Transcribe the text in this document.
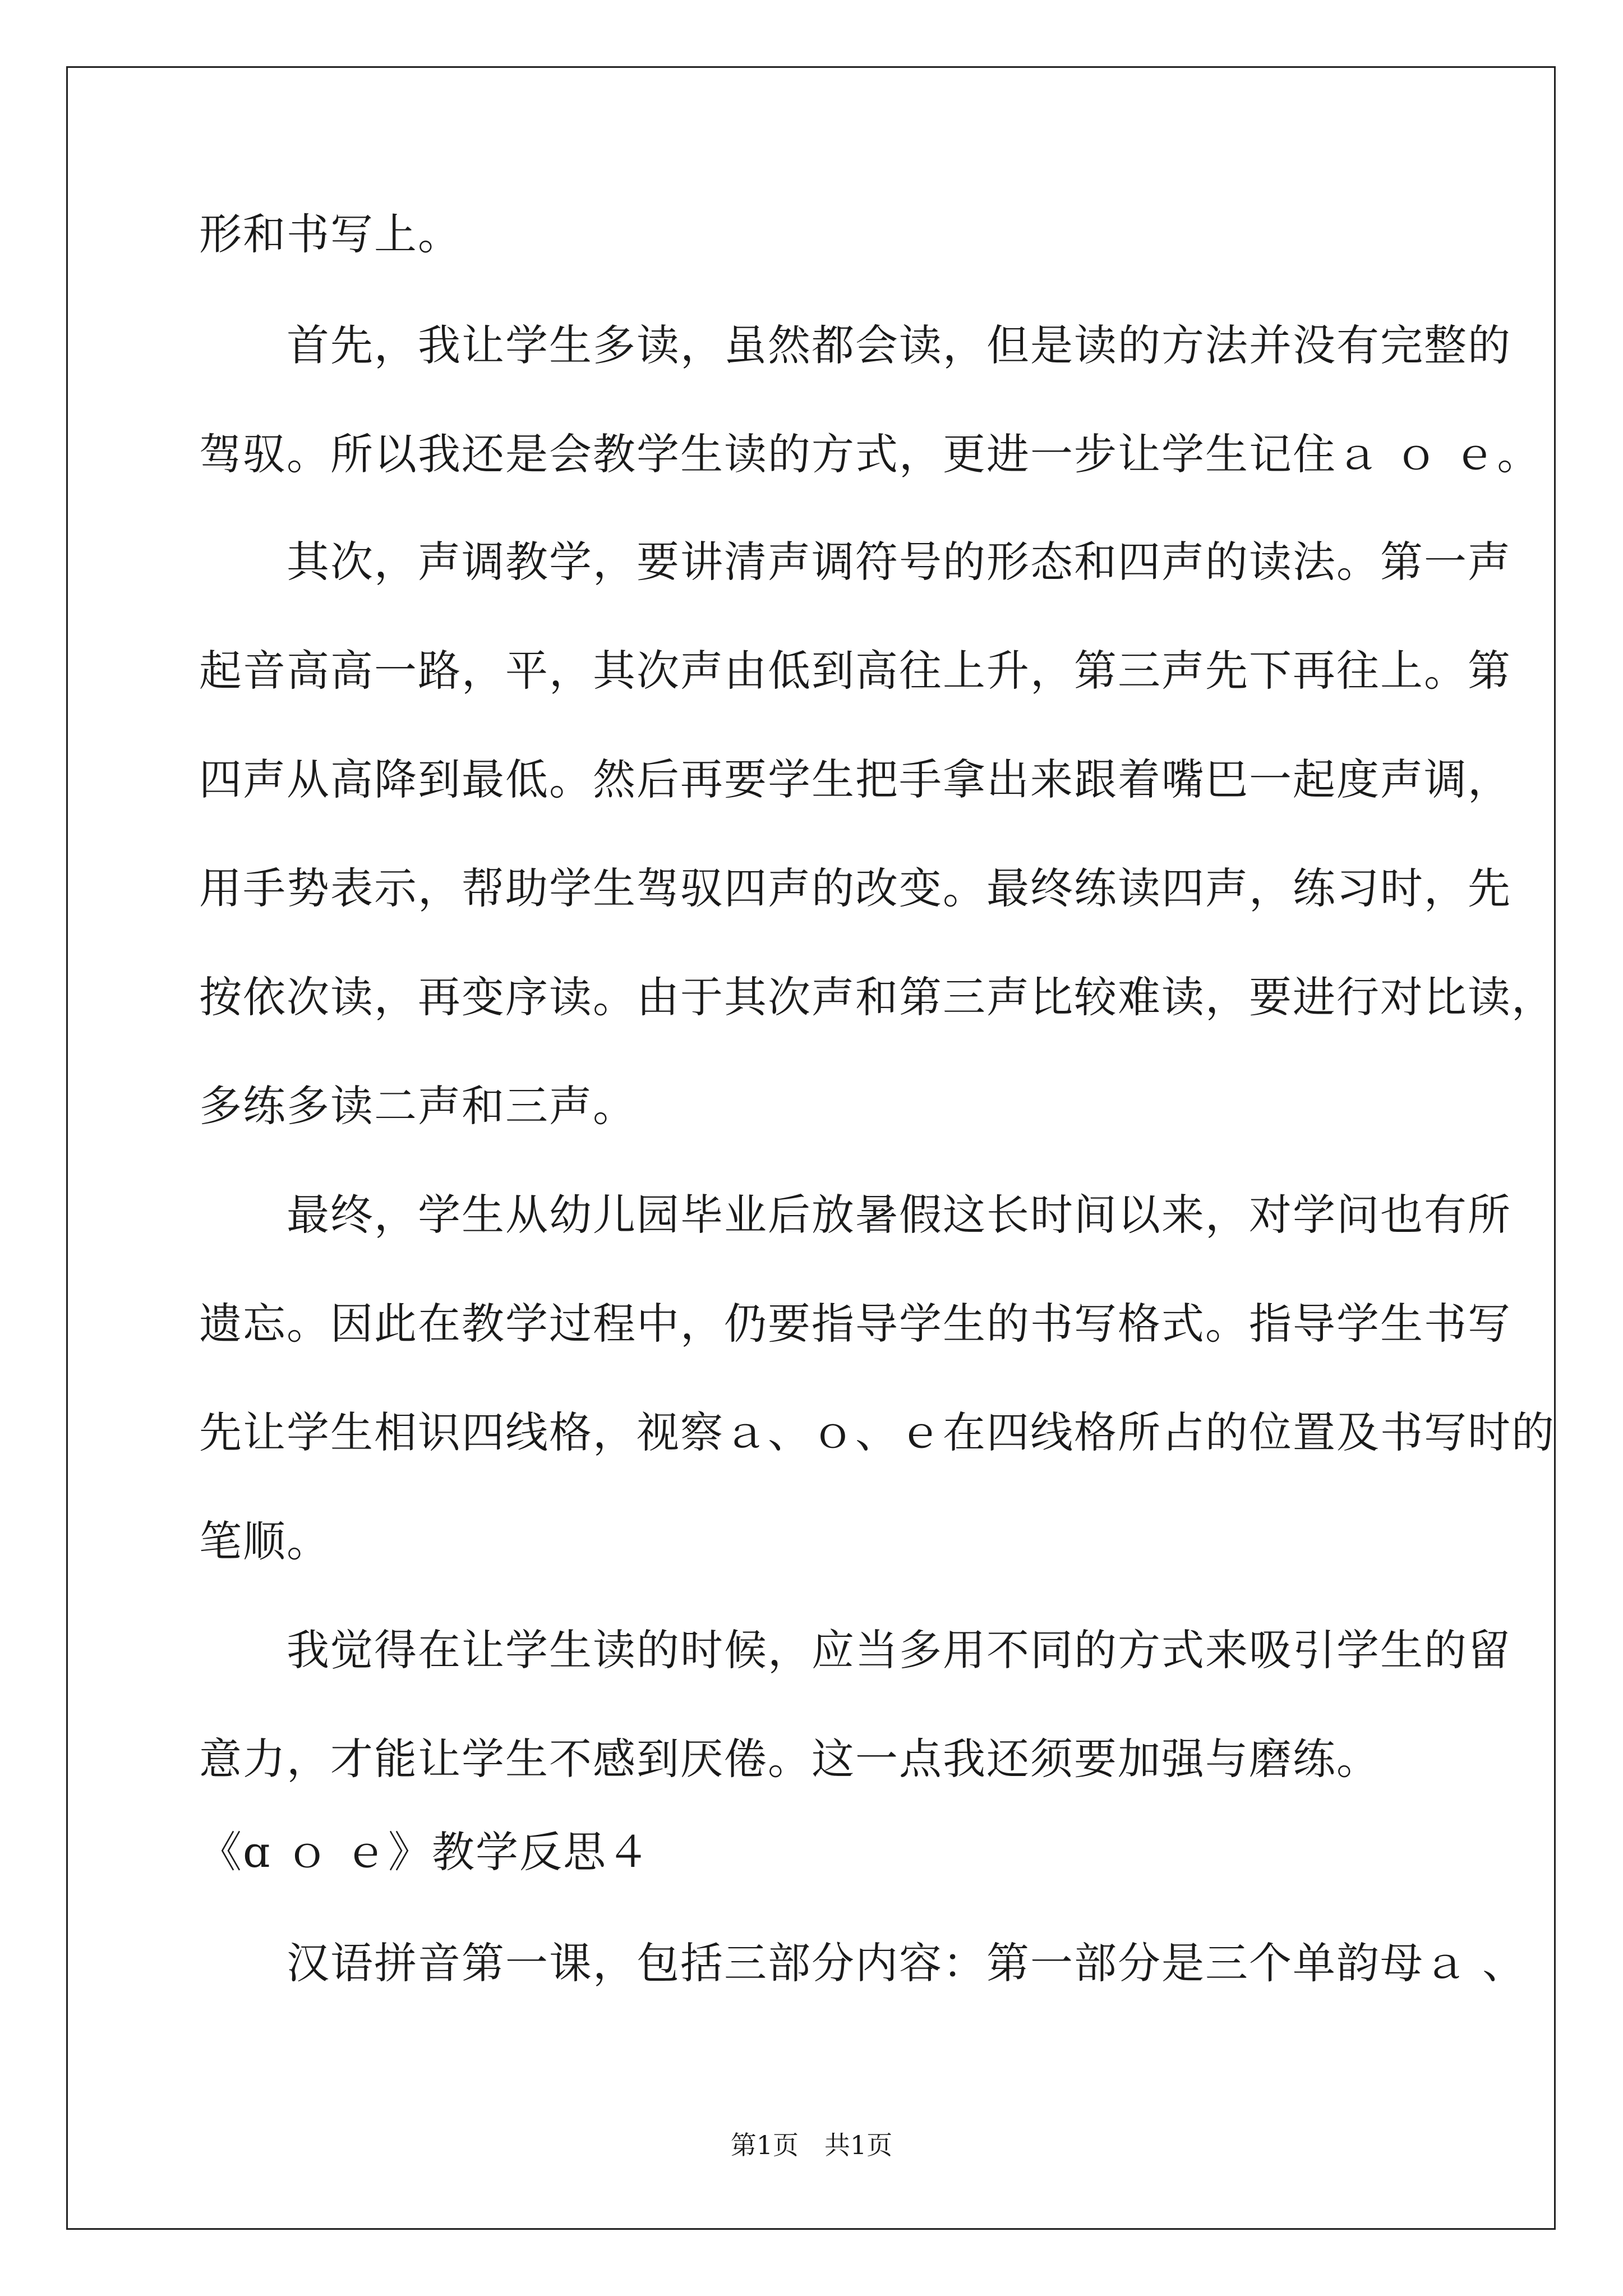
形和书写上。
　　首先，我让学生多读，虽然都会读，但是读的方法并没有完整的
驾驭。所以我还是会教学生读的方式，更进一步让学生记住ａ ｏ ｅ。
　　其次，声调教学，要讲清声调符号的形态和四声的读法。第一声
起音高高一路，平，其次声由低到高往上升，第三声先下再往上。第
四声从高降到最低。然后再要学生把手拿出来跟着嘴巴一起度声调，
用手势表示，帮助学生驾驭四声的改变。最终练读四声，练习时，先
按依次读，再变序读。由于其次声和第三声比较难读，要进行对比读，
多练多读二声和三声。
　　最终，学生从幼儿园毕业后放暑假这长时间以来，对学问也有所
遗忘。因此在教学过程中，仍要指导学生的书写格式。指导学生书写
先让学生相识四线格，视察ａ、ｏ、ｅ在四线格所占的位置及书写时的
笔顺。
　　我觉得在让学生读的时候，应当多用不同的方式来吸引学生的留
意力，才能让学生不感到厌倦。这一点我还须要加强与磨练。
《ɑ ｏ ｅ》教学反思４
　　汉语拼音第一课，包括三部分内容：第一部分是三个单韵母ａ 、
第1页　共1页
